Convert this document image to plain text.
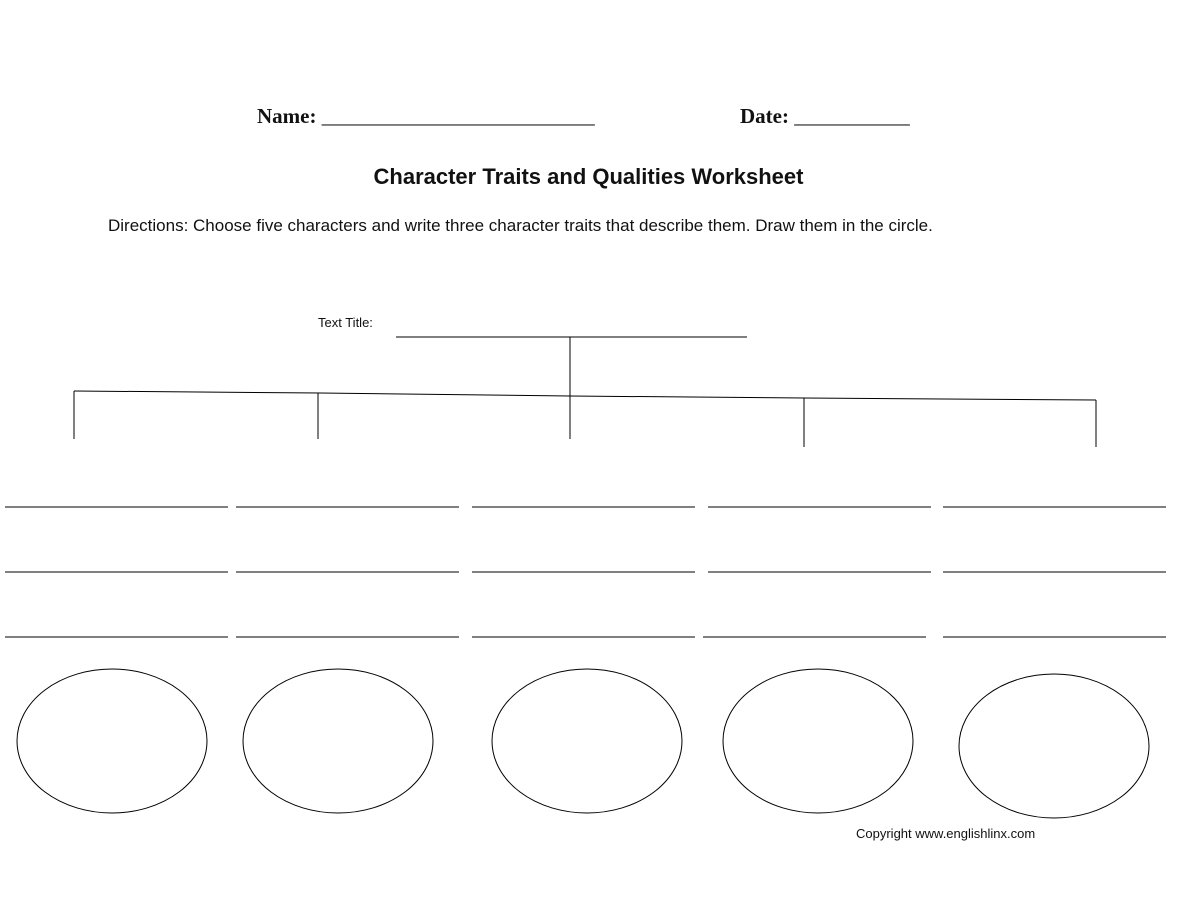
Name: __________________________	Date: ___________
Character Traits and Qualities Worksheet
Directions: Choose five characters and write three character traits that describe them. Draw them in the circle.
Text Title:
Copyright www.englishlinx.com
